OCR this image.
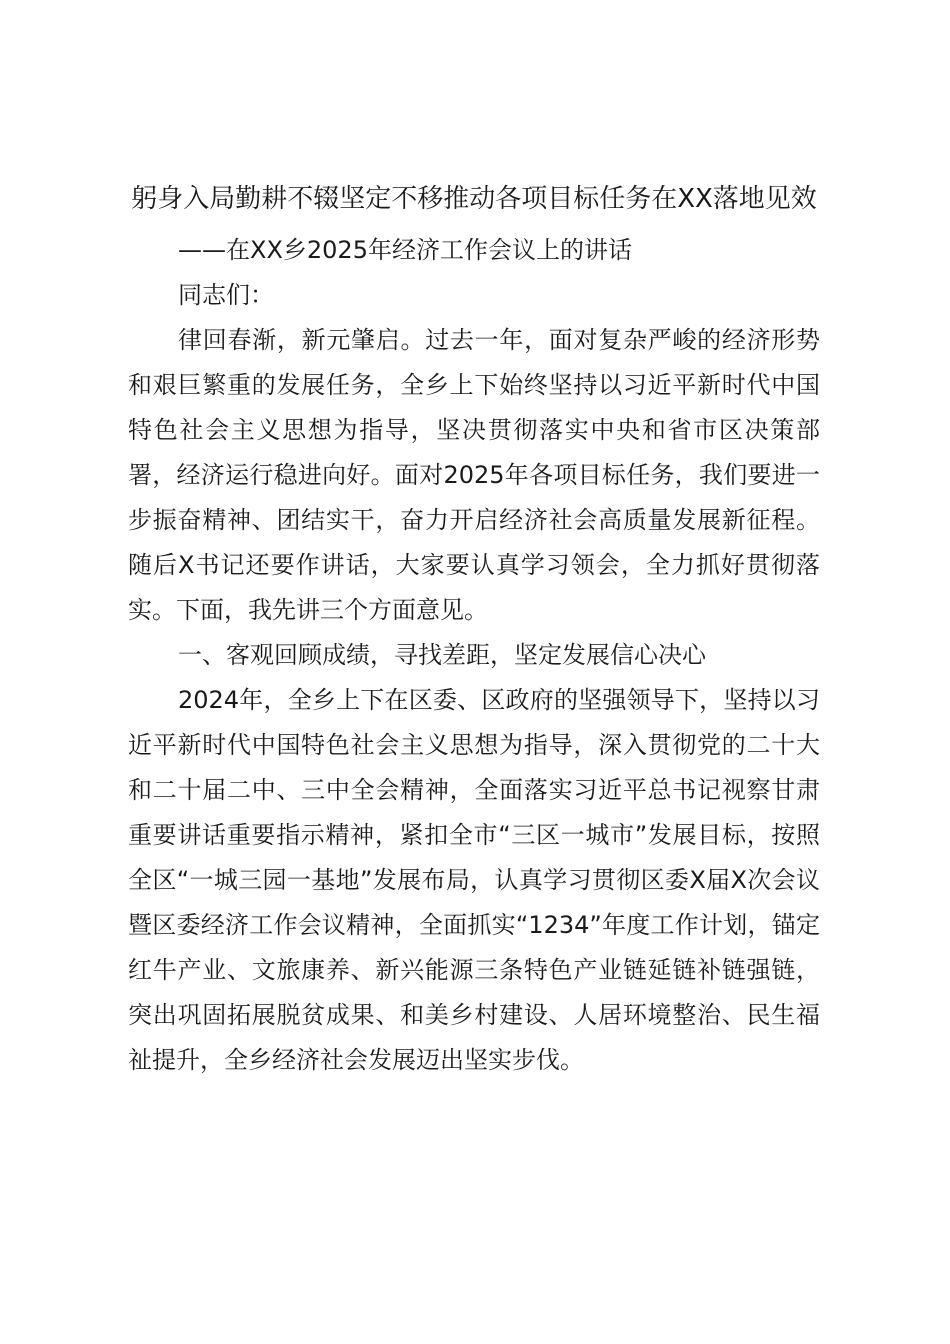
躬身入局勤耕不辍坚定不移推动各项目标任务在XX落地见效

——在XX乡2025年经济工作会议上的讲话

同志们：

律回春渐，新元肇启。过去一年，面对复杂严峻的经济形势和艰巨繁重的发展任务，全乡上下始终坚持以习近平新时代中国特色社会主义思想为指导，坚决贯彻落实中央和省市区决策部署，经济运行稳进向好。面对2025年各项目标任务，我们要进一步振奋精神、团结实干，奋力开启经济社会高质量发展新征程。随后X书记还要作讲话，大家要认真学习领会，全力抓好贯彻落实。下面，我先讲三个方面意见。

一、客观回顾成绩，寻找差距，坚定发展信心决心

2024年，全乡上下在区委、区政府的坚强领导下，坚持以习近平新时代中国特色社会主义思想为指导，深入贯彻党的二十大和二十届二中、三中全会精神，全面落实习近平总书记视察甘肃重要讲话重要指示精神，紧扣全市“三区一城市”发展目标，按照全区“一城三园一基地”发展布局，认真学习贯彻区委X届X次会议暨区委经济工作会议精神，全面抓实“1234”年度工作计划，锚定红牛产业、文旅康养、新兴能源三条特色产业链延链补链强链，突出巩固拓展脱贫成果、和美乡村建设、人居环境整治、民生福祉提升，全乡经济社会发展迈出坚实步伐。
